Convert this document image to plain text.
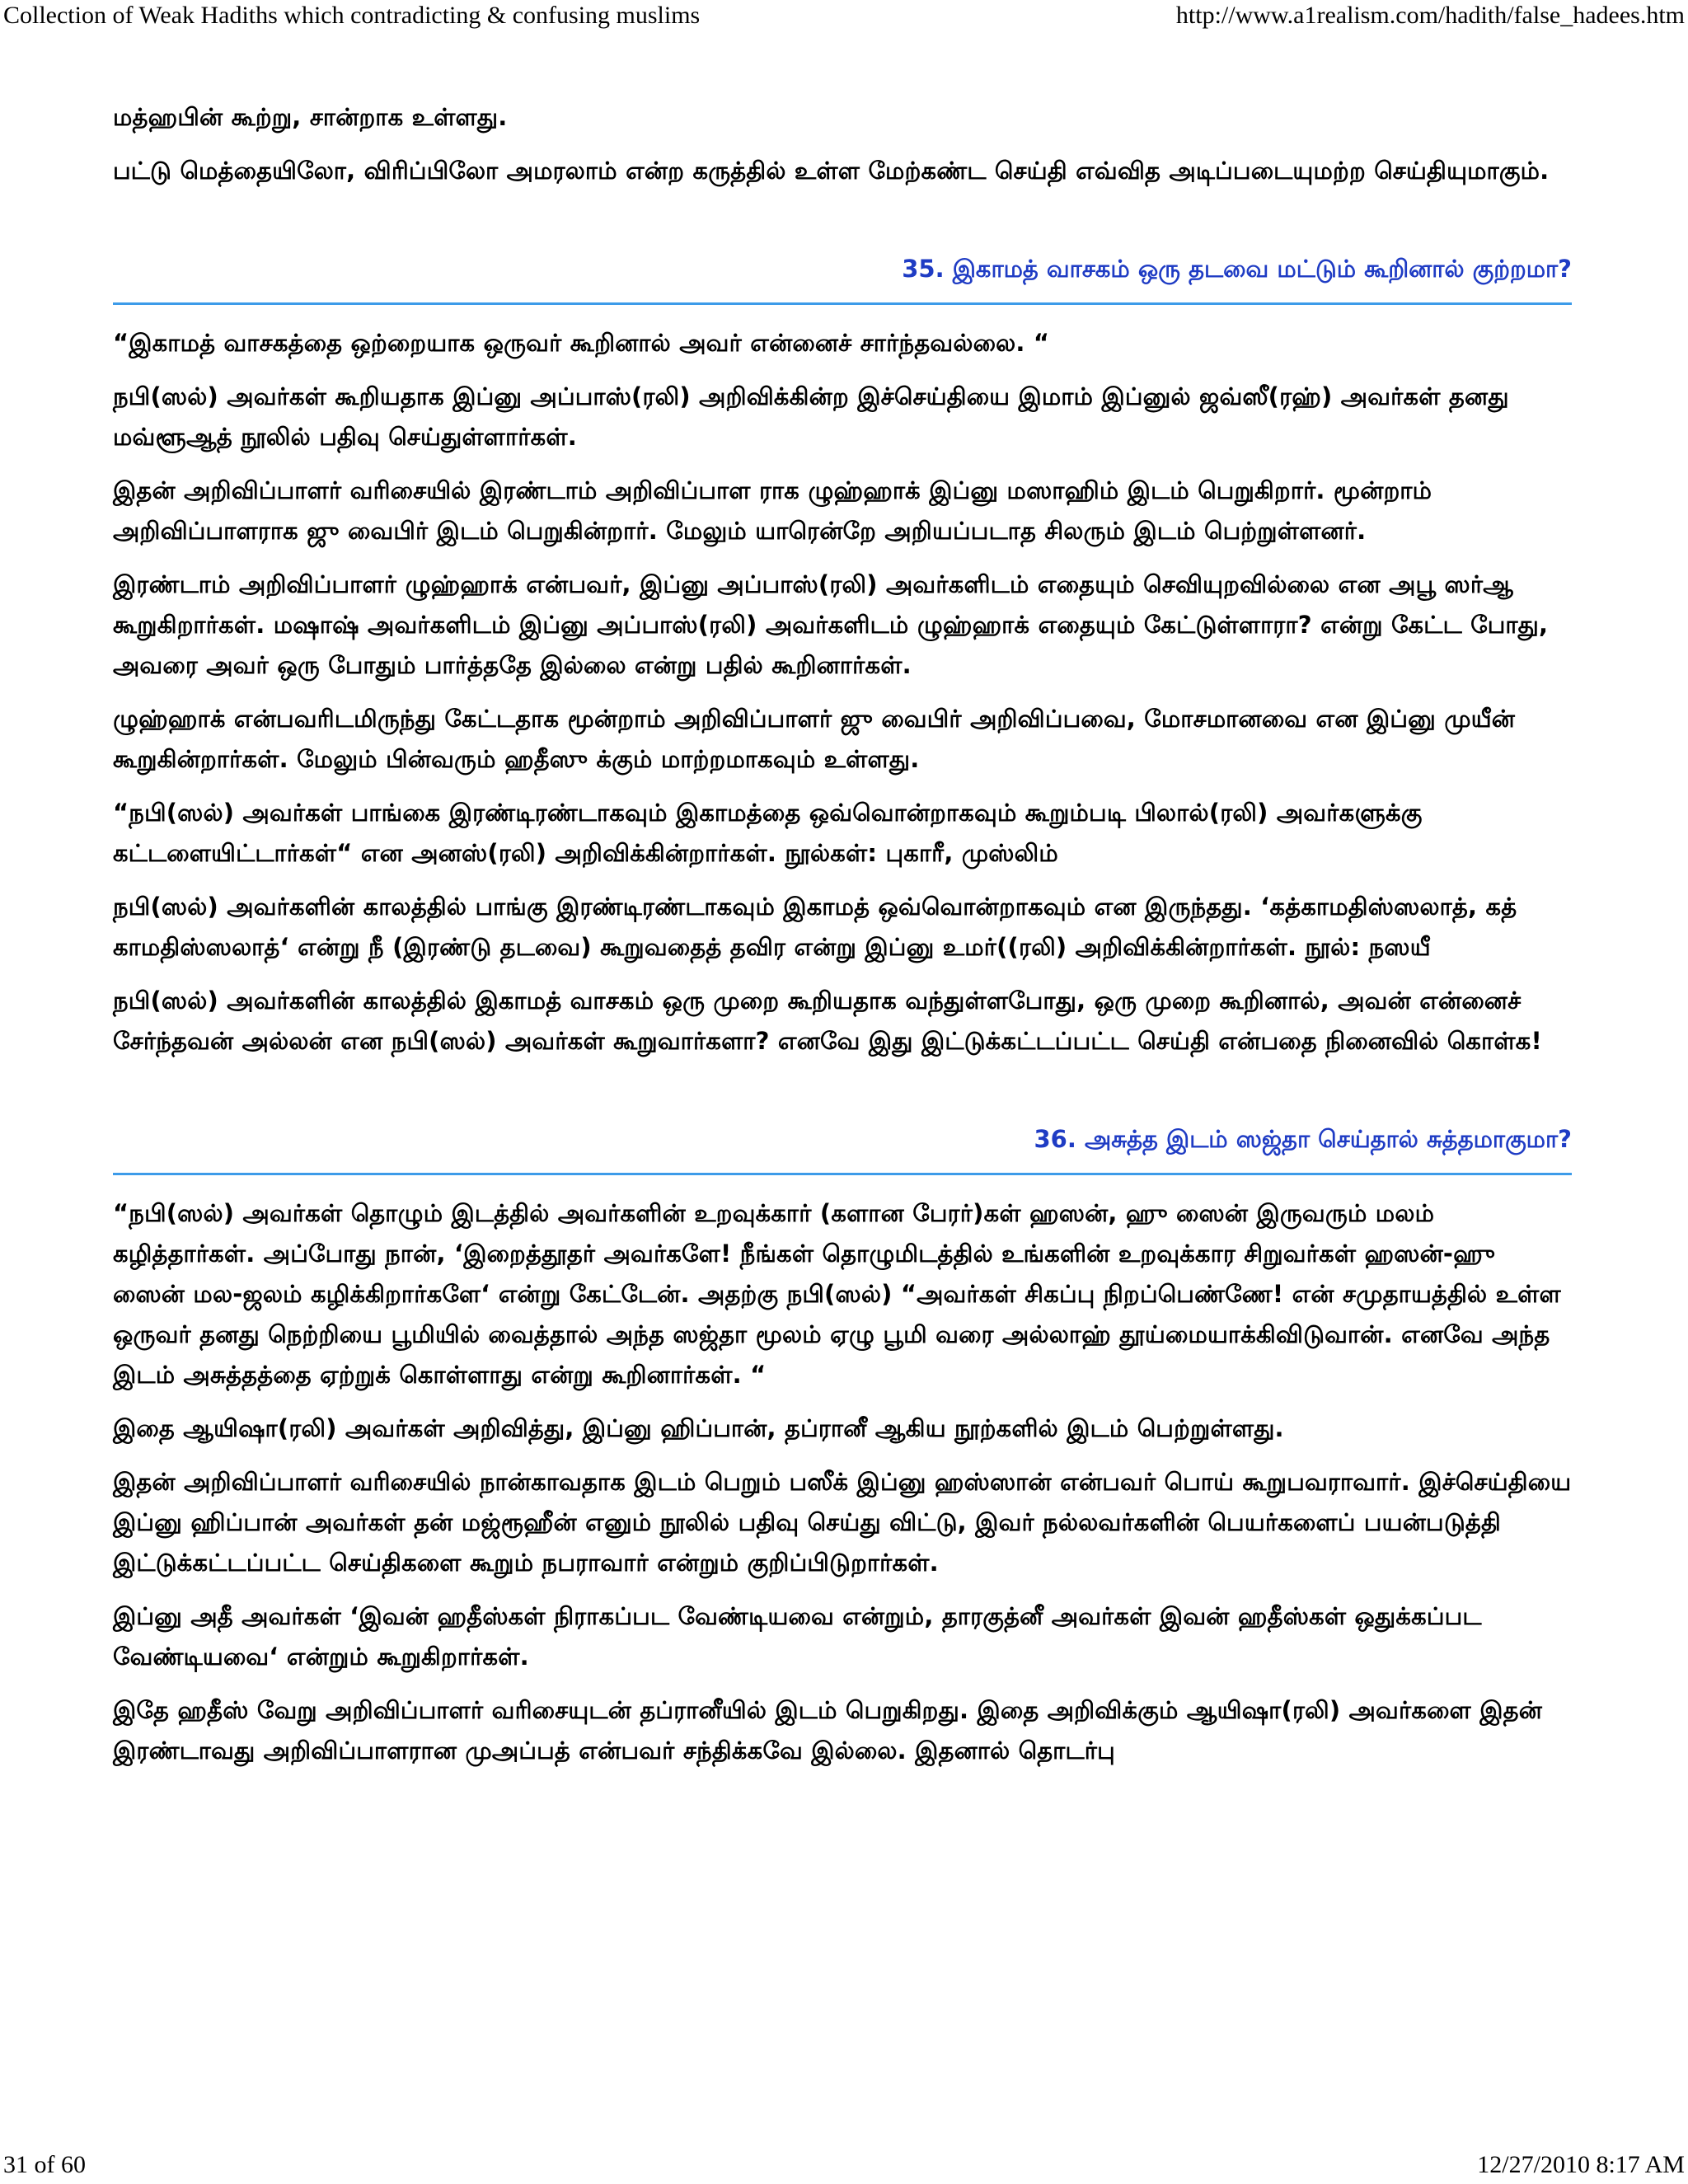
Collection of Weak Hadiths which contradicting & confusing muslims	http://www.a1realism.com/hadith/false_hadees.htm

மத்ஹபின் கூற்று, சான்றாக உள்ளது.

பட்டு மெத்தையிலோ, விரிப்பிலோ அமரலாம் என்ற கருத்தில் உள்ள மேற்கண்ட செய்தி எவ்வித அடிப்படையுமற்ற செய்தியுமாகும்.

35. இகாமத் வாசகம் ஒரு தடவை மட்டும் கூறினால் குற்றமா?

“இகாமத் வாசகத்தை ஒற்றையாக ஒருவர் கூறினால் அவர் என்னைச் சார்ந்தவல்லை. “

நபி(ஸல்) அவர்கள் கூறியதாக இப்னு அப்பாஸ்(ரலி) அறிவிக்கின்ற இச்செய்தியை இமாம் இப்னுல் ஜவ்ஸீ(ரஹ்) அவர்கள் தனது மவ்ளூஆத் நூலில் பதிவு செய்துள்ளார்கள்.

இதன் அறிவிப்பாளர் வரிசையில் இரண்டாம் அறிவிப்பாள ராக ழுஹ்ஹாக் இப்னு மஸாஹிம் இடம் பெறுகிறார். மூன்றாம் அறிவிப்பாளராக ஜு வைபிர் இடம் பெறுகின்றார். மேலும் யாரென்றே அறியப்படாத சிலரும் இடம் பெற்றுள்ளனர்.

இரண்டாம் அறிவிப்பாளர் ழுஹ்ஹாக் என்பவர், இப்னு அப்பாஸ்(ரலி) அவர்களிடம் எதையும் செவியுறவில்லை என அபூ ஸர்ஆ கூறுகிறார்கள். மஷாஷ் அவர்களிடம் இப்னு அப்பாஸ்(ரலி) அவர்களிடம் ழுஹ்ஹாக் எதையும் கேட்டுள்ளாரா? என்று கேட்ட போது, அவரை அவர் ஒரு போதும் பார்த்ததே இல்லை என்று பதில் கூறினார்கள்.

ழுஹ்ஹாக் என்பவரிடமிருந்து கேட்டதாக மூன்றாம் அறிவிப்பாளர் ஜு வைபிர் அறிவிப்பவை, மோசமானவை என இப்னு முயீன் கூறுகின்றார்கள். மேலும் பின்வரும் ஹதீஸு க்கும் மாற்றமாகவும் உள்ளது.

“நபி(ஸல்) அவர்கள் பாங்கை இரண்டிரண்டாகவும் இகாமத்தை ஒவ்வொன்றாகவும் கூறும்படி பிலால்(ரலி) அவர்களுக்கு கட்டளையிட்டார்கள்“ என அனஸ்(ரலி) அறிவிக்கின்றார்கள். நூல்கள்: புகாரீ, முஸ்லிம்

நபி(ஸல்) அவர்களின் காலத்தில் பாங்கு இரண்டிரண்டாகவும் இகாமத் ஒவ்வொன்றாகவும் என இருந்தது. ‘கத்காமதிஸ்ஸலாத், கத் காமதிஸ்ஸலாத்‘ என்று நீ (இரண்டு தடவை) கூறுவதைத் தவிர என்று இப்னு உமர்((ரலி) அறிவிக்கின்றார்கள். நூல்: நஸயீ

நபி(ஸல்) அவர்களின் காலத்தில் இகாமத் வாசகம் ஒரு முறை கூறியதாக வந்துள்ளபோது, ஒரு முறை கூறினால், அவன் என்னைச் சேர்ந்தவன் அல்லன் என நபி(ஸல்) அவர்கள் கூறுவார்களா? எனவே இது இட்டுக்கட்டப்பட்ட செய்தி என்பதை நினைவில் கொள்க!

36. அசுத்த இடம் ஸஜ்தா செய்தால் சுத்தமாகுமா?

“நபி(ஸல்) அவர்கள் தொழும் இடத்தில் அவர்களின் உறவுக்கார் (களான பேரர்)கள் ஹஸன், ஹு ஸைன் இருவரும் மலம் கழித்தார்கள். அப்போது நான், ‘இறைத்தூதர் அவர்களே! நீங்கள் தொழுமிடத்தில் உங்களின் உறவுக்கார சிறுவர்கள் ஹஸன்-ஹு ஸைன் மல-ஜலம் கழிக்கிறார்களே‘ என்று கேட்டேன். அதற்கு நபி(ஸல்) “அவர்கள் சிகப்பு நிறப்பெண்ணே! என் சமுதாயத்தில் உள்ள ஒருவர் தனது நெற்றியை பூமியில் வைத்தால் அந்த ஸஜ்தா மூலம் ஏழு பூமி வரை அல்லாஹ் தூய்மையாக்கிவிடுவான். எனவே அந்த இடம் அசுத்தத்தை ஏற்றுக் கொள்ளாது என்று கூறினார்கள். “

இதை ஆயிஷா(ரலி) அவர்கள் அறிவித்து, இப்னு ஹிப்பான், தப்ரானீ ஆகிய நூற்களில் இடம் பெற்றுள்ளது.

இதன் அறிவிப்பாளர் வரிசையில் நான்காவதாக இடம் பெறும் பஸீக் இப்னு ஹஸ்ஸான் என்பவர் பொய் கூறுபவராவார். இச்செய்தியை இப்னு ஹிப்பான் அவர்கள் தன் மஜ்ரூஹீன் எனும் நூலில் பதிவு செய்து விட்டு, இவர் நல்லவர்களின் பெயர்களைப் பயன்படுத்தி இட்டுக்கட்டப்பட்ட செய்திகளை கூறும் நபராவார் என்றும் குறிப்பிடுறார்கள்.

இப்னு அதீ அவர்கள் ‘இவன் ஹதீஸ்கள் நிராகப்பட வேண்டியவை என்றும், தாரகுத்னீ அவர்கள் இவன் ஹதீஸ்கள் ஒதுக்கப்பட வேண்டியவை‘ என்றும் கூறுகிறார்கள்.

இதே ஹதீஸ் வேறு அறிவிப்பாளர் வரிசையுடன் தப்ரானீயில் இடம் பெறுகிறது. இதை அறிவிக்கும் ஆயிஷா(ரலி) அவர்களை இதன் இரண்டாவது அறிவிப்பாளரான முஅப்பத் என்பவர் சந்திக்கவே இல்லை. இதனால் தொடர்பு

31 of 60	12/27/2010 8:17 AM
